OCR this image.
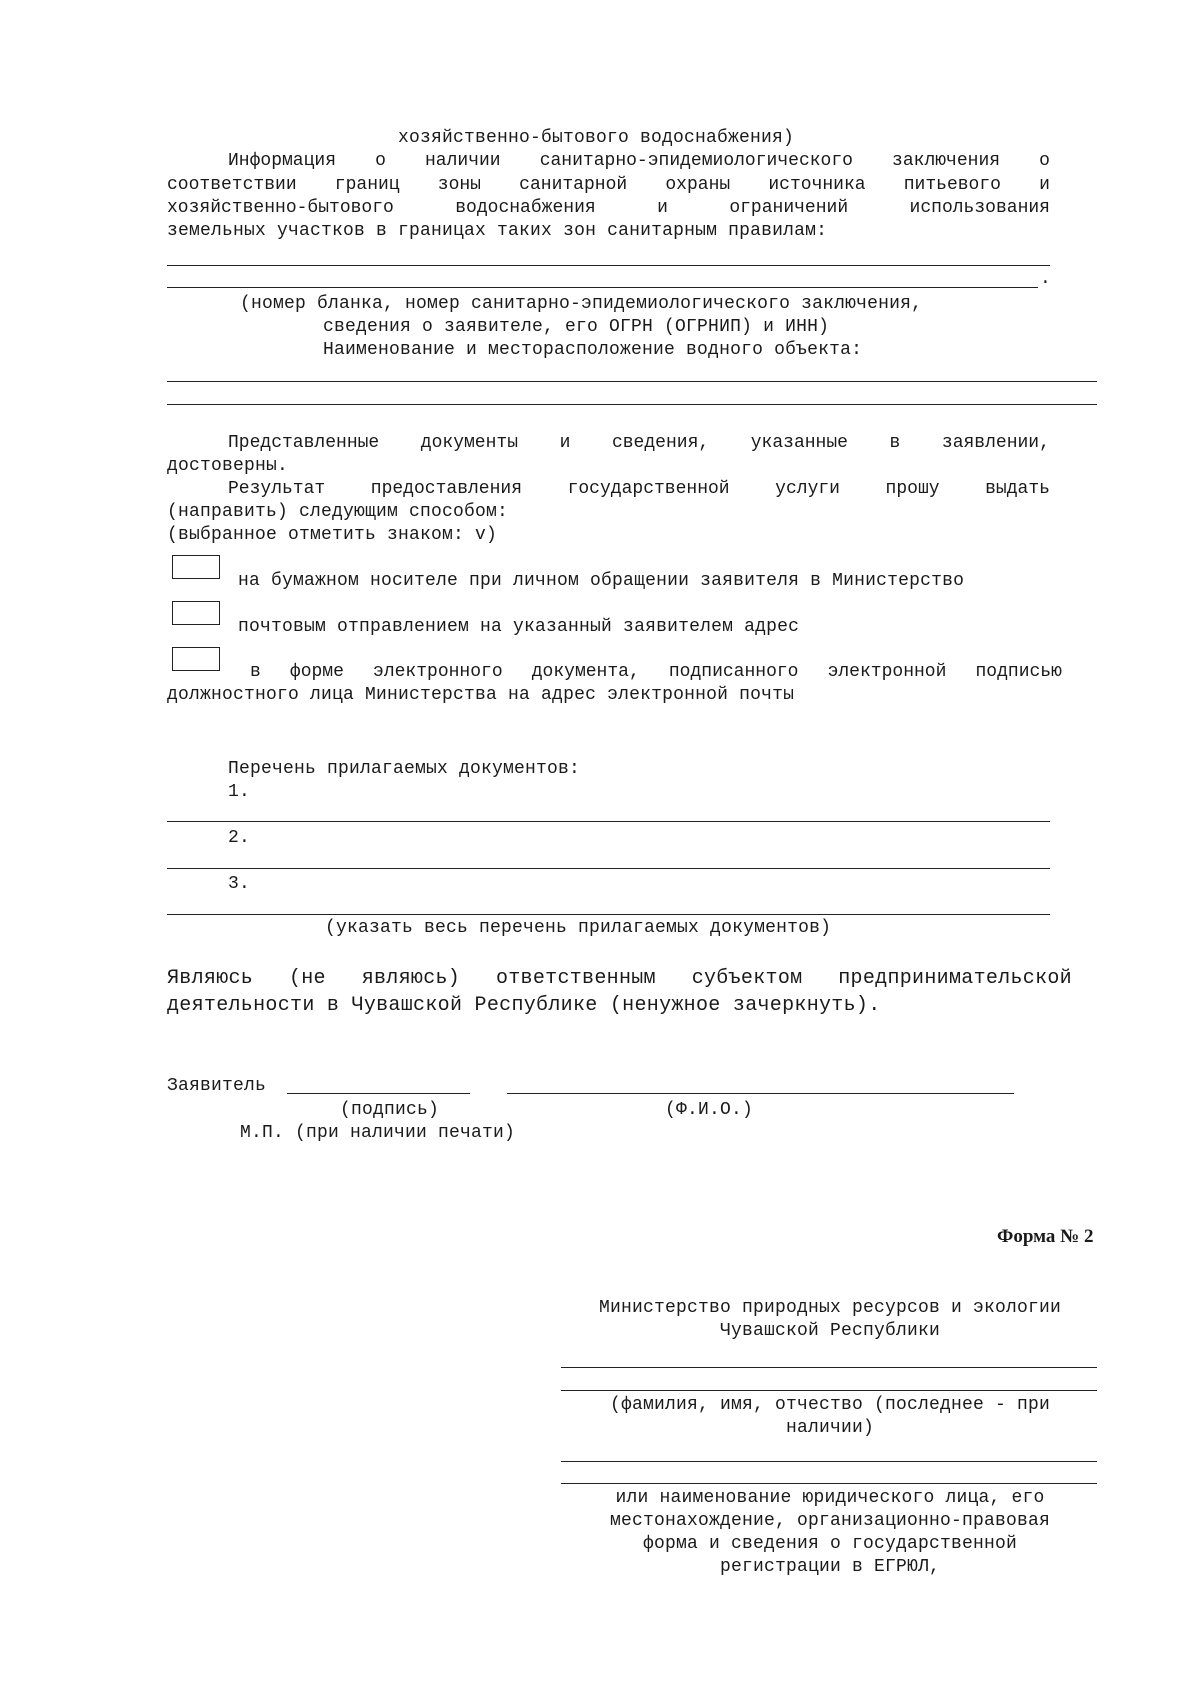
хозяйственно-бытового водоснабжения)
Информация о наличии санитарно-эпидемиологического заключения о
соответствии границ зоны санитарной охраны источника питьевого и
хозяйственно-бытового	водоснабжения	и	ограничений	использования
земельных участков в границах таких зон санитарным правилам:
.
(номер бланка, номер санитарно-эпидемиологического заключения,
сведения о заявителе, его ОГРН (ОГРНИП) и ИНН)
Наименование и месторасположение водного объекта:
Представленные документы и сведения, указанные в заявлении,
достоверны.
Результат	предоставления	государственной	услуги	прошу	выдать
(направить) следующим способом:
(выбранное отметить знаком: v)
на бумажном носителе при личном обращении заявителя в Министерство
почтовым отправлением на указанный заявителем адрес
в форме электронного документа, подписанного электронной подписью
должностного лица Министерства на адрес электронной почты
Перечень прилагаемых документов:
1.
2.
3.
(указать весь перечень прилагаемых документов)
Являюсь (не являюсь) ответственным субъектом предпринимательской
деятельности в Чувашской Республике (ненужное зачеркнуть).
Заявитель
(подпись)	(Ф.И.О.)
М.П. (при наличии печати)
Форма № 2
Министерство природных ресурсов и экологии
Чувашской Республики
(фамилия, имя, отчество (последнее - при
наличии)
или наименование юридического лица, его
местонахождение, организационно-правовая
форма и сведения о государственной
регистрации в ЕГРЮЛ,
